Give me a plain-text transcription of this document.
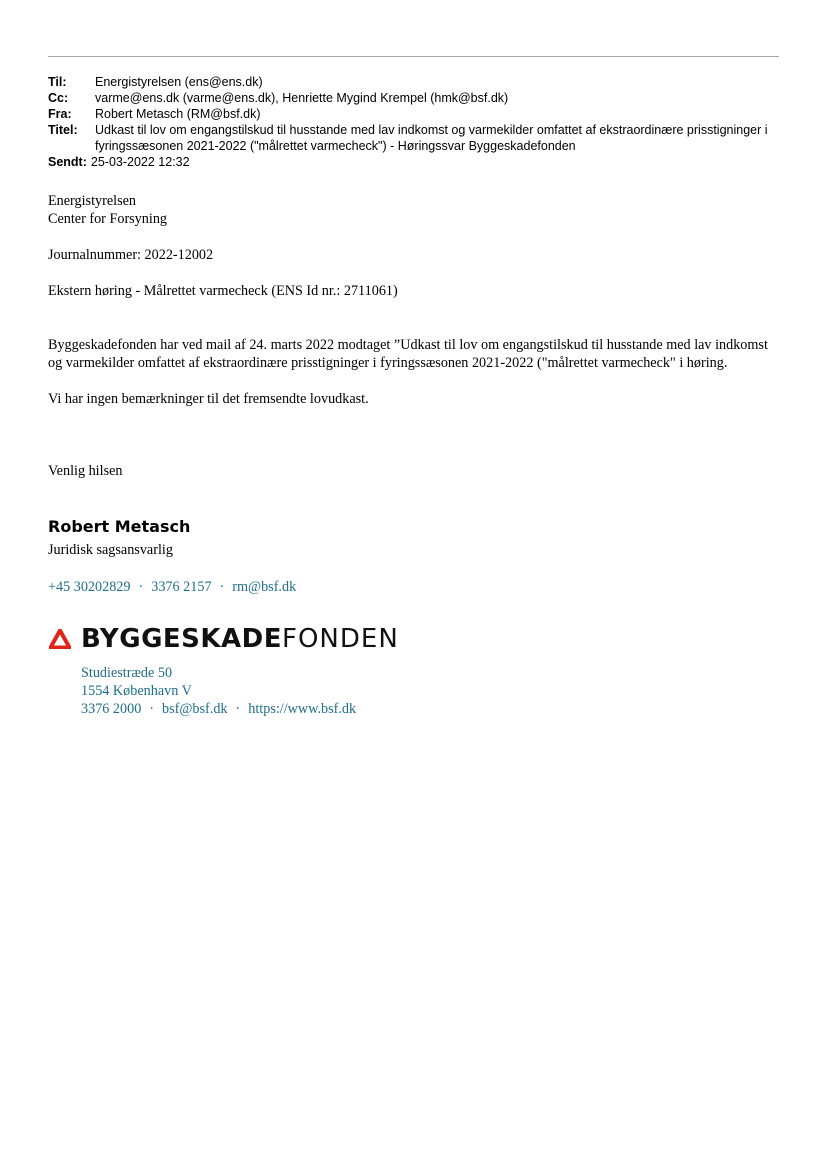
Til:	Energistyrelsen (ens@ens.dk)
Cc:	varme@ens.dk (varme@ens.dk), Henriette Mygind Krempel (hmk@bsf.dk)
Fra:	Robert Metasch (RM@bsf.dk)
Titel:	Udkast til lov om engangstilskud til husstande med lav indkomst og varmekilder omfattet af ekstraordinære prisstigninger i fyringssæsonen 2021-2022 ("målrettet varmecheck") - Høringssvar Byggeskadefonden
Sendt: 25-03-2022 12:32

Energistyrelsen

Center for Forsyning

Journalnummer: 2022-12002

Ekstern høring - Målrettet varmecheck (ENS Id nr.: 2711061)

Byggeskadefonden har ved mail af 24. marts 2022 modtaget ”Udkast til lov om engangstilskud til husstande med lav indkomst og varmekilder omfattet af ekstraordinære prisstigninger i fyringssæsonen 2021-2022 ("målrettet varmecheck" i høring.

Vi har ingen bemærkninger til det fremsendte lovudkast.

Venlig hilsen

Robert Metasch
Juridisk sagsansvarlig
+45 30202829 · 3376 2157 · rm@bsf.dk
BYGGESKADE FONDEN
Studiestræde 50
1554 København V
3376 2000 · bsf@bsf.dk · https://www.bsf.dk
